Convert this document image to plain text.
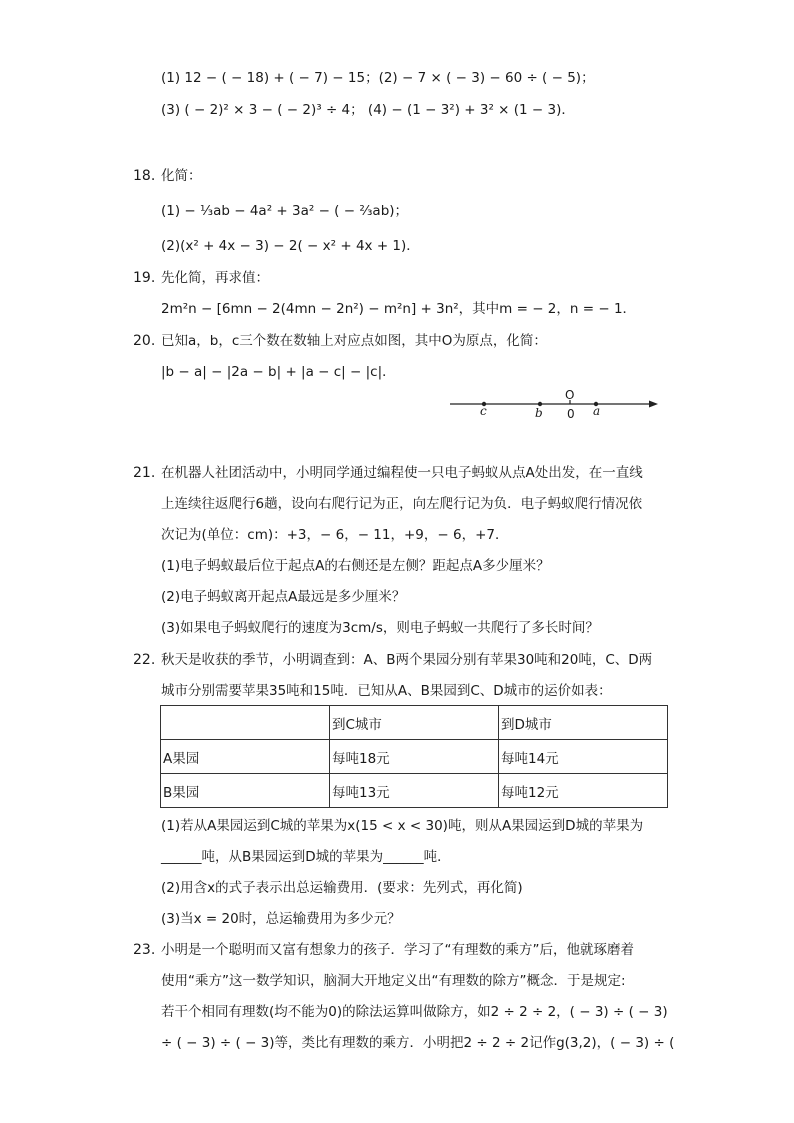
(1) 12 − ( − 18) + ( − 7) − 15；(2) − 7 × ( − 3) − 60 ÷ ( − 5)；
(3) ( − 2)² × 3 − ( − 2)³ ÷ 4； (4) − (1 − 3²) + 3² × (1 − 3)．
18. 化简：
(1) − ⅓ab − 4a² + 3a² − ( − ⅔ab)；
(2)(x² + 4x − 3) − 2( − x² + 4x + 1)．
19. 先化简，再求值：
2m²n − [6mn − 2(4mn − 2n²) − m²n] + 3n²，其中m = − 2，n = − 1．
20. 已知a，b，c三个数在数轴上对应点如图，其中O为原点，化简：
|b − a| − |2a − b| + |a − c| − |c|．
O
0
c	b	a
21. 在机器人社团活动中，小明同学通过编程使一只电子蚂蚁从点A处出发，在一直线
上连续往返爬行6趟，设向右爬行记为正，向左爬行记为负．电子蚂蚁爬行情况依
次记为(单位：cm)：+3，− 6，− 11，+9，− 6，+7．
(1)电子蚂蚁最后位于起点A的右侧还是左侧？距起点A多少厘米？
(2)电子蚂蚁离开起点A最远是多少厘米？
(3)如果电子蚂蚁爬行的速度为3cm/s，则电子蚂蚁一共爬行了多长时间？
22. 秋天是收获的季节，小明调查到：A、B两个果园分别有苹果30吨和20吨，C、D两
城市分别需要苹果35吨和15吨．已知从A、B果园到C、D城市的运价如表：
	到C城市	到D城市
A果园	每吨18元	每吨14元
B果园	每吨13元	每吨12元
(1)若从A果园运到C城的苹果为x(15 < x < 30)吨，则从A果园运到D城的苹果为
______吨，从B果园运到D城的苹果为______吨．
(2)用含x的式子表示出总运输费用．(要求：先列式，再化简)
(3)当x = 20时，总运输费用为多少元？
23. 小明是一个聪明而又富有想象力的孩子．学习了“有理数的乘方”后，他就琢磨着
使用“乘方”这一数学知识，脑洞大开地定义出“有理数的除方”概念．于是规定:
若干个相同有理数(均不能为0)的除法运算叫做除方，如2 ÷ 2 ÷ 2，( − 3) ÷ ( − 3)
÷ ( − 3) ÷ ( − 3)等，类比有理数的乘方．小明把2 ÷ 2 ÷ 2记作g(3,2)，( − 3) ÷ (
